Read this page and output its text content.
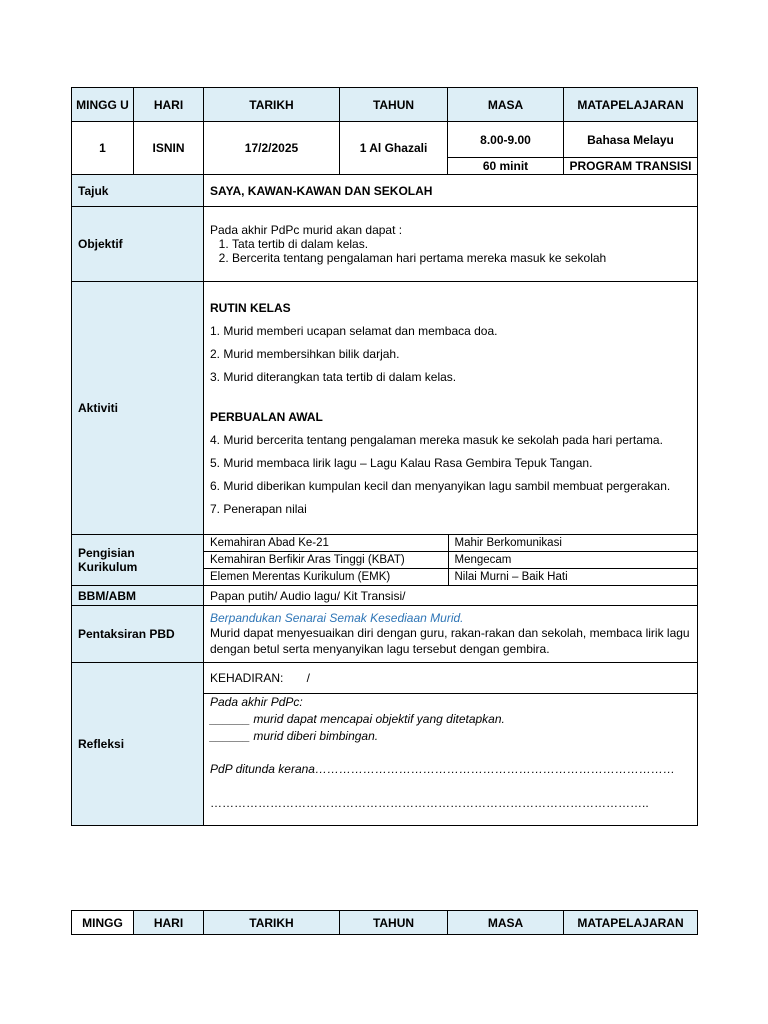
MINGG U	HARI	TARIKH	TAHUN	MASA	MATAPELAJARAN
1	ISNIN	17/2/2025	1 Al Ghazali	8.00-9.00	Bahasa Melayu
60 minit	PROGRAM TRANSISI
Tajuk	SAYA, KAWAN-KAWAN DAN SEKOLAH
Objektif	
Pada akhir PdPc murid akan dapat :
1. Tata tertib di dalam kelas.
2. Bercerita tentang pengalaman hari pertama mereka masuk ke sekolah

Aktiviti	

RUTIN KELAS

1. Murid memberi ucapan selamat dan membaca doa.

2. Murid membersihkan bilik darjah.

3. Murid diterangkan tata tertib di dalam kelas.

PERBUALAN AWAL

4. Murid bercerita tentang pengalaman mereka masuk ke sekolah pada hari pertama.

5. Murid membaca lirik lagu – Lagu Kalau Rasa Gembira Tepuk Tangan.

6. Murid diberikan kumpulan kecil dan menyanyikan lagu sambil membuat pergerakan.

7. Penerapan nilai

Pengisian Kurikulum	
Kemahiran Abad Ke-21	Mahir Berkomunikasi
Kemahiran Berfikir Aras Tinggi (KBAT)	Mengecam
Elemen Merentas Kurikulum (EMK)	Nilai Murni – Baik Hati

BBM/ABM	Papan putih/ Audio lagu/ Kit Transisi/
Pentaksiran PBD	
Berpandukan Senarai Semak Kesediaan Murid.
Murid dapat menyesuaikan diri dengan guru, rakan-rakan dan sekolah, membaca lirik lagu dengan betul serta menyanyikan lagu tersebut dengan gembira.

Refleksi	KEHADIRAN:       /

Pada akhir PdPc:
______ murid dapat mencapai objektif yang ditetapkan.
______ murid diberi bimbingan.
PdP ditunda kerana………………………………………………………………………………
………………………………………………………………………………………………..
MINGG	HARI	TARIKH	TAHUN	MASA	MATAPELAJARAN
